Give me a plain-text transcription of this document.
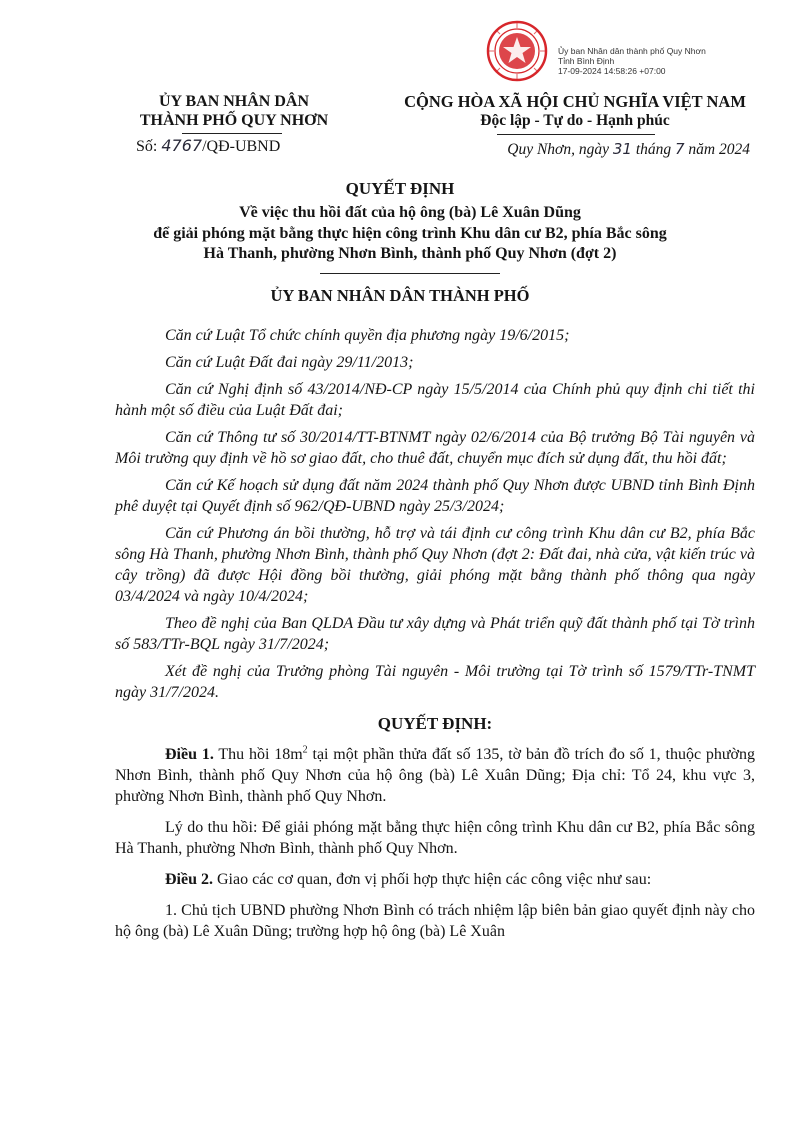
Ủy ban Nhân dân thành phố Quy Nhơn
Tỉnh Bình Định
17-09-2024 14:58:26 +07:00
ỦY BAN NHÂN DÂN
THÀNH PHỐ QUY NHƠN
Số: 4767/QĐ-UBND
CỘNG HÒA XÃ HỘI CHỦ NGHĨA VIỆT NAM
Độc lập - Tự do - Hạnh phúc
Quy Nhơn, ngày 31 tháng 7 năm 2024
QUYẾT ĐỊNH
Về việc thu hồi đất của hộ ông (bà) Lê Xuân Dũng
để giải phóng mặt bằng thực hiện công trình Khu dân cư B2, phía Bắc sông
Hà Thanh, phường Nhơn Bình, thành phố Quy Nhơn (đợt 2)
ỦY BAN NHÂN DÂN THÀNH PHỐ

Căn cứ Luật Tổ chức chính quyền địa phương ngày 19/6/2015;

Căn cứ Luật Đất đai ngày 29/11/2013;

Căn cứ Nghị định số 43/2014/NĐ-CP ngày 15/5/2014 của Chính phủ quy định chi tiết thi hành một số điều của Luật Đất đai;

Căn cứ Thông tư số 30/2014/TT-BTNMT ngày 02/6/2014 của Bộ trưởng Bộ Tài nguyên và Môi trường quy định về hồ sơ giao đất, cho thuê đất, chuyển mục đích sử dụng đất, thu hồi đất;

Căn cứ Kế hoạch sử dụng đất năm 2024 thành phố Quy Nhơn được UBND tỉnh Bình Định phê duyệt tại Quyết định số 962/QĐ-UBND ngày 25/3/2024;

Căn cứ Phương án bồi thường, hỗ trợ và tái định cư công trình Khu dân cư B2, phía Bắc sông Hà Thanh, phường Nhơn Bình, thành phố Quy Nhơn (đợt 2: Đất đai, nhà cửa, vật kiến trúc và cây trồng) đã được Hội đồng bồi thường, giải phóng mặt bằng thành phố thông qua ngày 03/4/2024 và ngày 10/4/2024;

Theo đề nghị của Ban QLDA Đầu tư xây dựng và Phát triển quỹ đất thành phố tại Tờ trình số 583/TTr-BQL ngày 31/7/2024;

Xét đề nghị của Trưởng phòng Tài nguyên - Môi trường tại Tờ trình số 1579/TTr-TNMT ngày 31/7/2024.

QUYẾT ĐỊNH:

Điều 1. Thu hồi $18m^2$ tại một phần thửa đất số 135, tờ bản đồ trích đo số 1, thuộc phường Nhơn Bình, thành phố Quy Nhơn của hộ ông (bà) Lê Xuân Dũng; Địa chỉ: Tổ 24, khu vực 3, phường Nhơn Bình, thành phố Quy Nhơn.

Lý do thu hồi: Để giải phóng mặt bằng thực hiện công trình Khu dân cư B2, phía Bắc sông Hà Thanh, phường Nhơn Bình, thành phố Quy Nhơn.

Điều 2. Giao các cơ quan, đơn vị phối hợp thực hiện các công việc như sau:

1. Chủ tịch UBND phường Nhơn Bình có trách nhiệm lập biên bản giao quyết định này cho hộ ông (bà) Lê Xuân Dũng; trường hợp hộ ông (bà) Lê Xuân
